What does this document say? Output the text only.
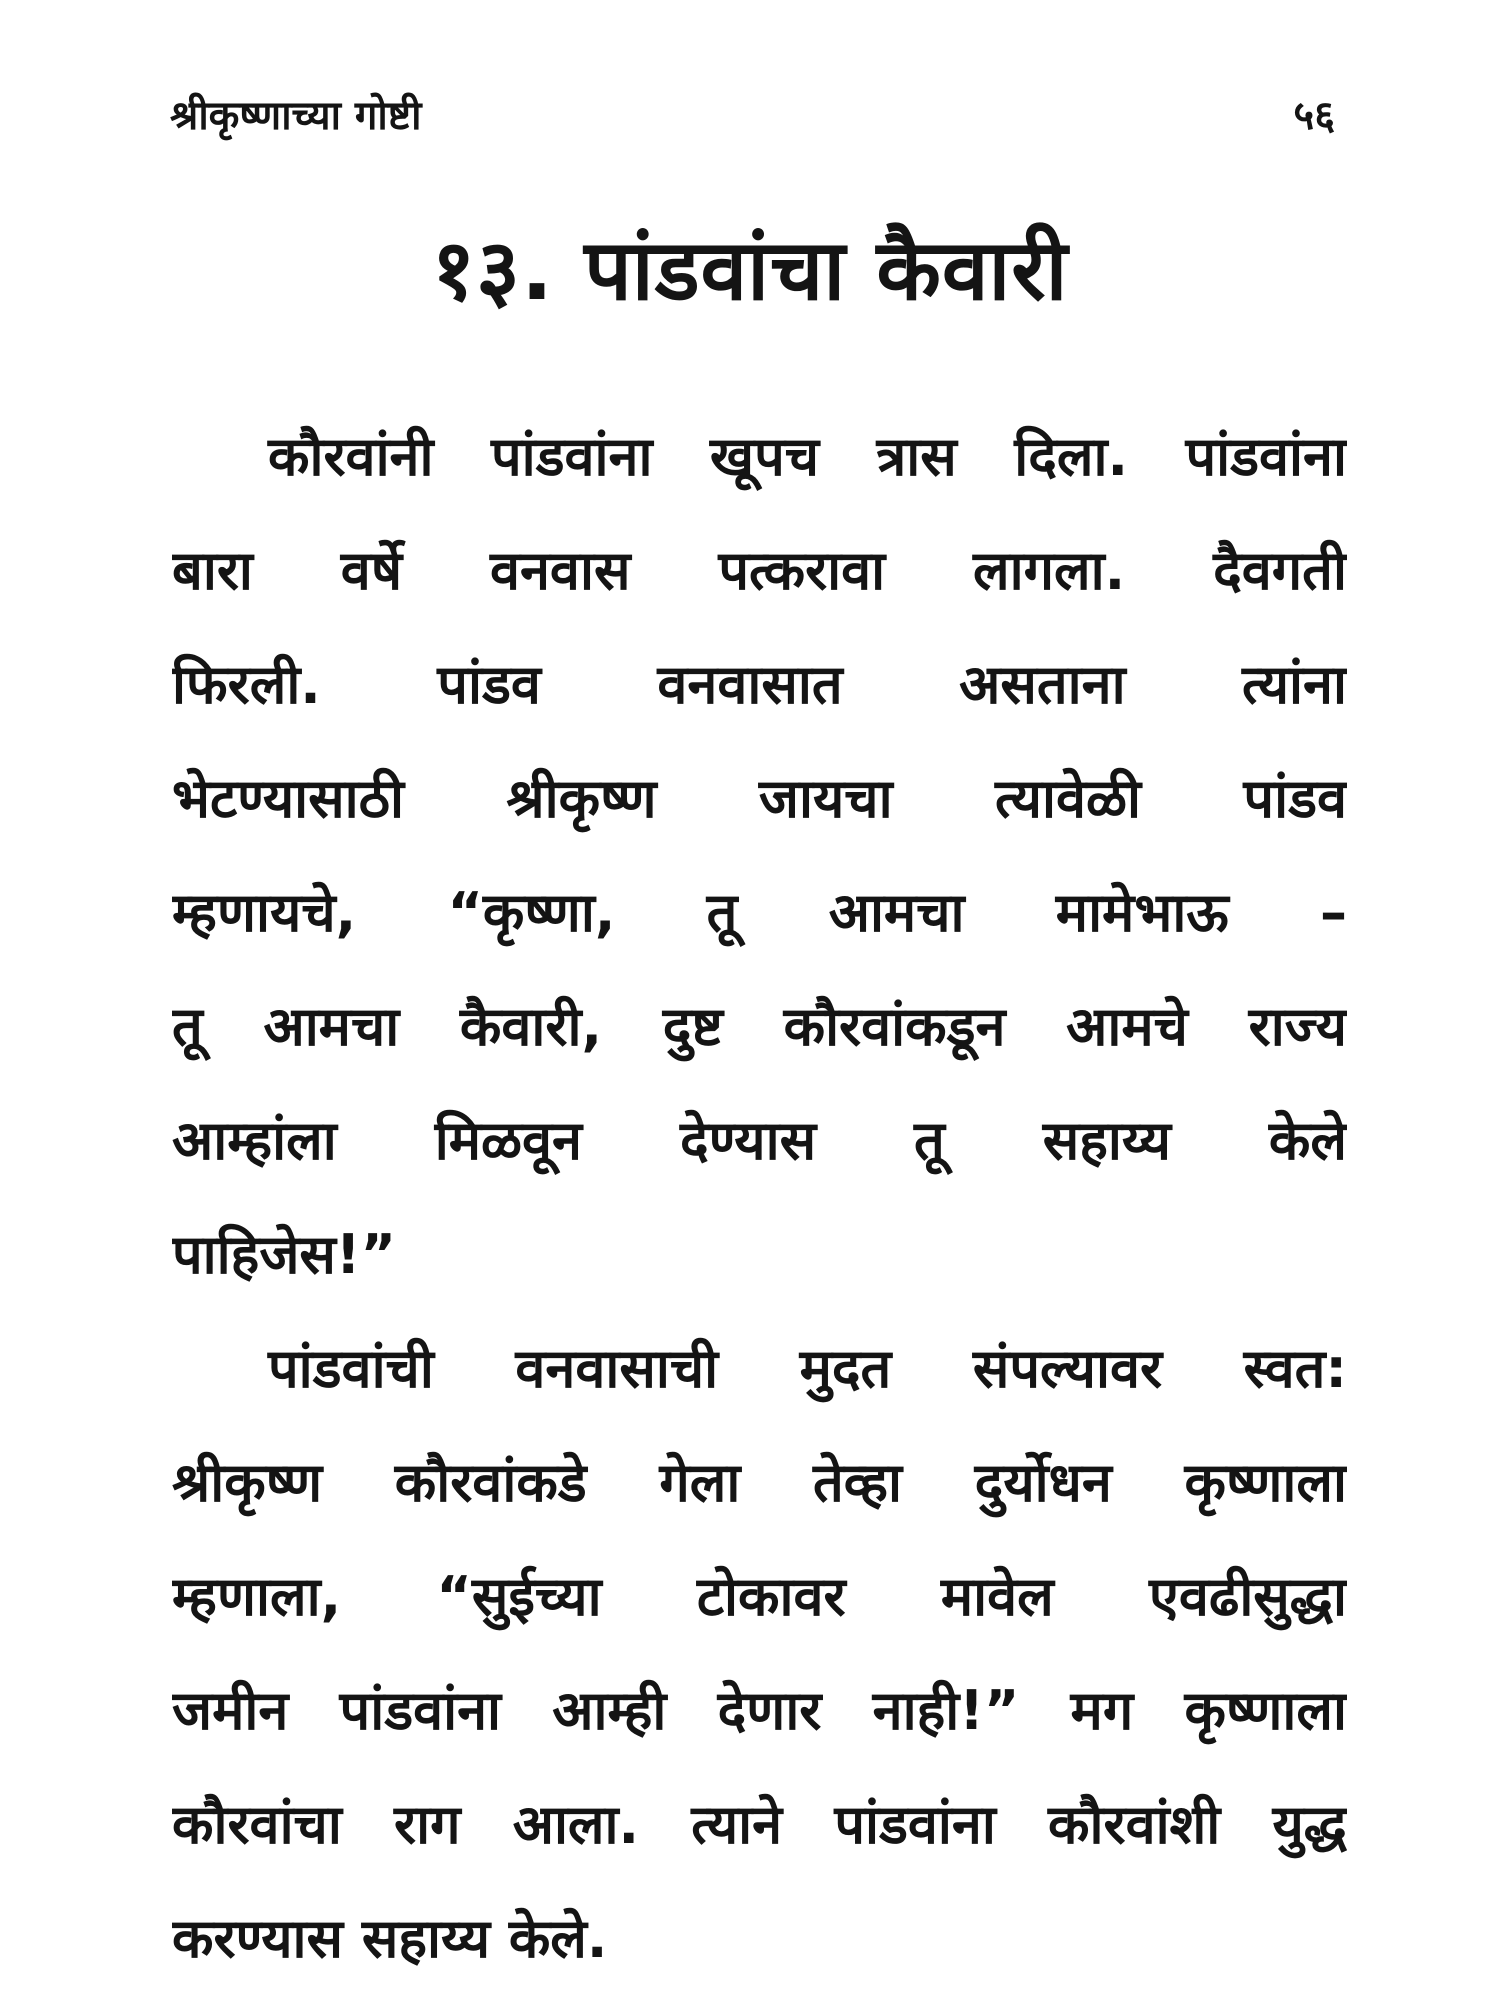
श्रीकृष्णाच्या गोष्टी	५६
१३. पांडवांचा कैवारी
कौरवांनी पांडवांना खूपच त्रास दिला. पांडवांना
बारा वर्षे वनवास पत्करावा लागला. दैवगती
फिरली. पांडव वनवासात असताना त्यांना
भेटण्यासाठी श्रीकृष्ण जायचा त्यावेळी पांडव
म्हणायचे, “कृष्णा, तू आमचा मामेभाऊ –
तू आमचा कैवारी, दुष्ट कौरवांकडून आमचे राज्य
आम्हांला मिळवून देण्यास तू सहाय्य केले
पाहिजेस!”
पांडवांची वनवासाची मुदत संपल्यावर स्वत:
श्रीकृष्ण कौरवांकडे गेला तेव्हा दुर्योधन कृष्णाला
म्हणाला, “सुईच्या टोकावर मावेल एवढीसुद्धा
जमीन पांडवांना आम्ही देणार नाही!” मग कृष्णाला
कौरवांचा राग आला. त्याने पांडवांना कौरवांशी युद्ध
करण्यास सहाय्य केले.
